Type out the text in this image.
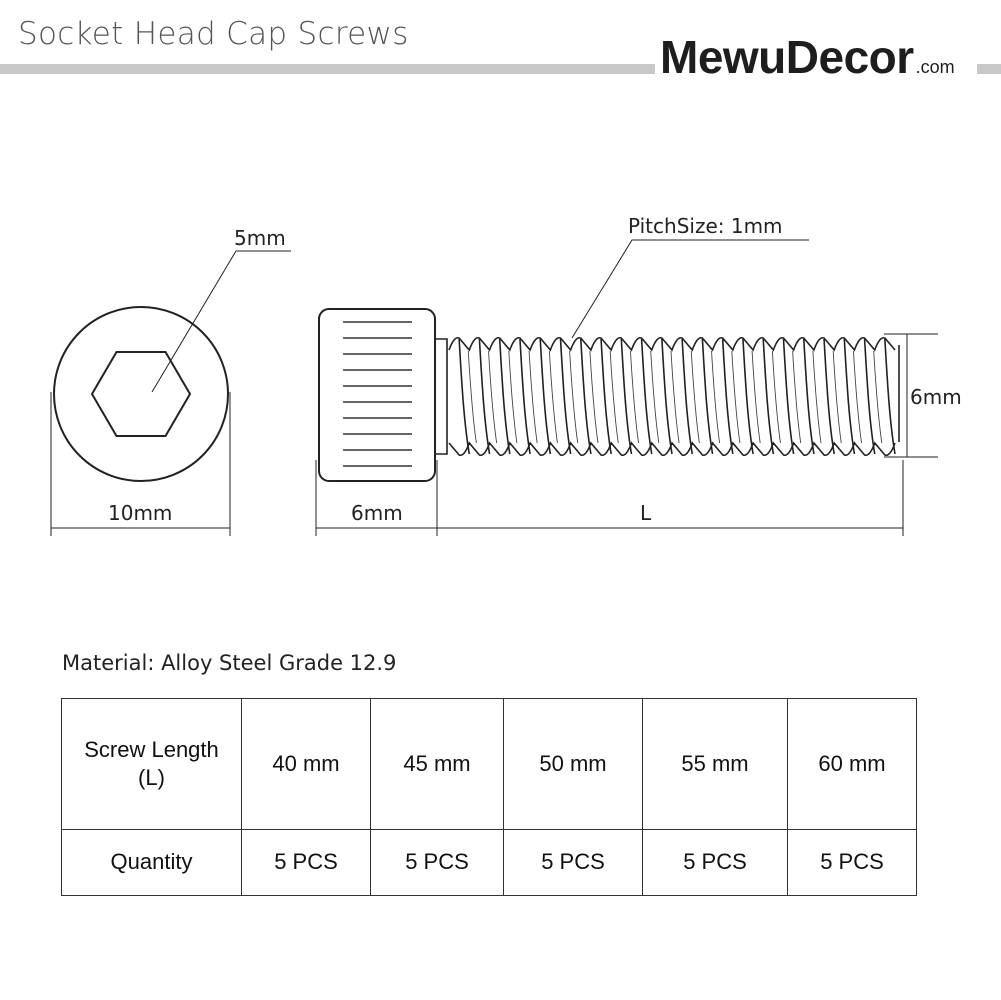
Socket Head Cap Screws	MewuDecor .com
5mm
10mm
PitchSize: 1mm
6mm
6mm	L
Material: Alloy Steel Grade 12.9
Screw Length
(L)	40 mm	45 mm	50 mm	55 mm	60 mm
Quantity	5 PCS	5 PCS	5 PCS	5 PCS	5 PCS
